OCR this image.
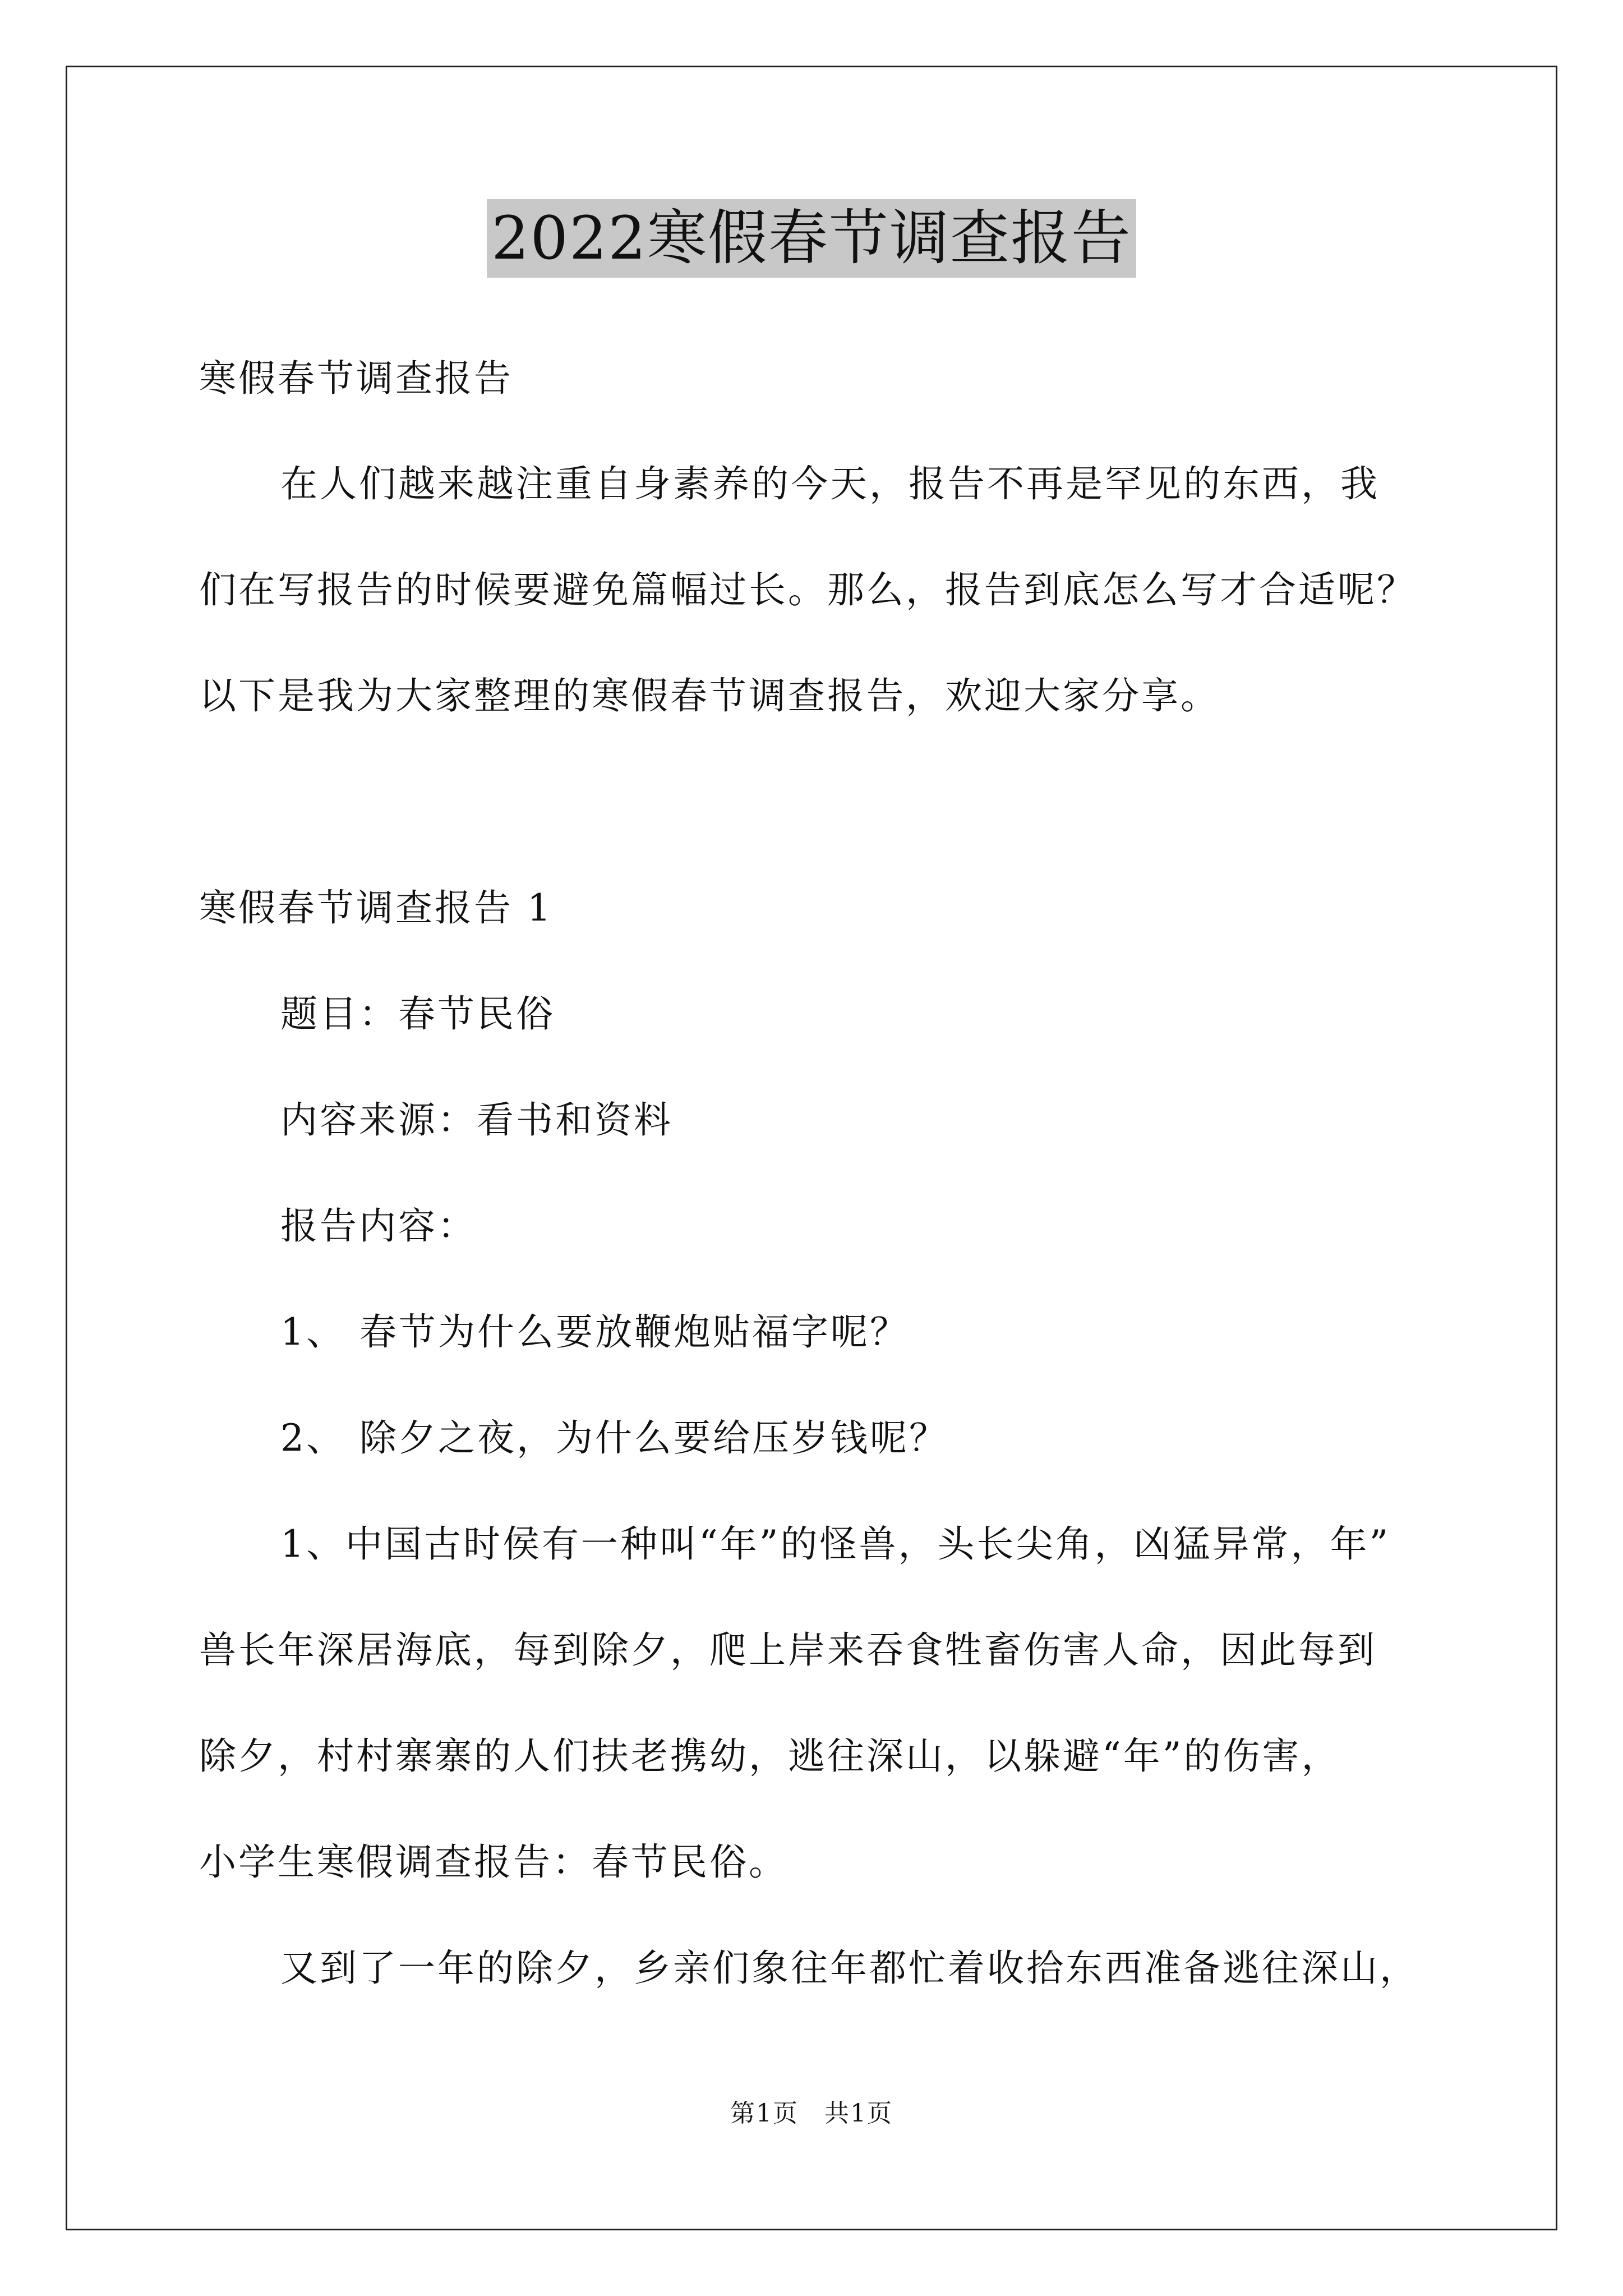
2022寒假春节调查报告
寒假春节调查报告
在人们越来越注重自身素养的今天，报告不再是罕见的东西，我
们在写报告的时候要避免篇幅过长。那么，报告到底怎么写才合适呢？
以下是我为大家整理的寒假春节调查报告，欢迎大家分享。
寒假春节调查报告 1
题目：春节民俗
内容来源：看书和资料
报告内容：
1、 春节为什么要放鞭炮贴福字呢？
2、 除夕之夜，为什么要给压岁钱呢？
1、中国古时侯有一种叫“年”的怪兽，头长尖角，凶猛异常，年”
兽长年深居海底，每到除夕，爬上岸来吞食牲畜伤害人命，因此每到
除夕，村村寨寨的人们扶老携幼，逃往深山，以躲避“年”的伤害，
小学生寒假调查报告：春节民俗。
又到了一年的除夕，乡亲们象往年都忙着收拾东西准备逃往深山，
第1页　共1页
